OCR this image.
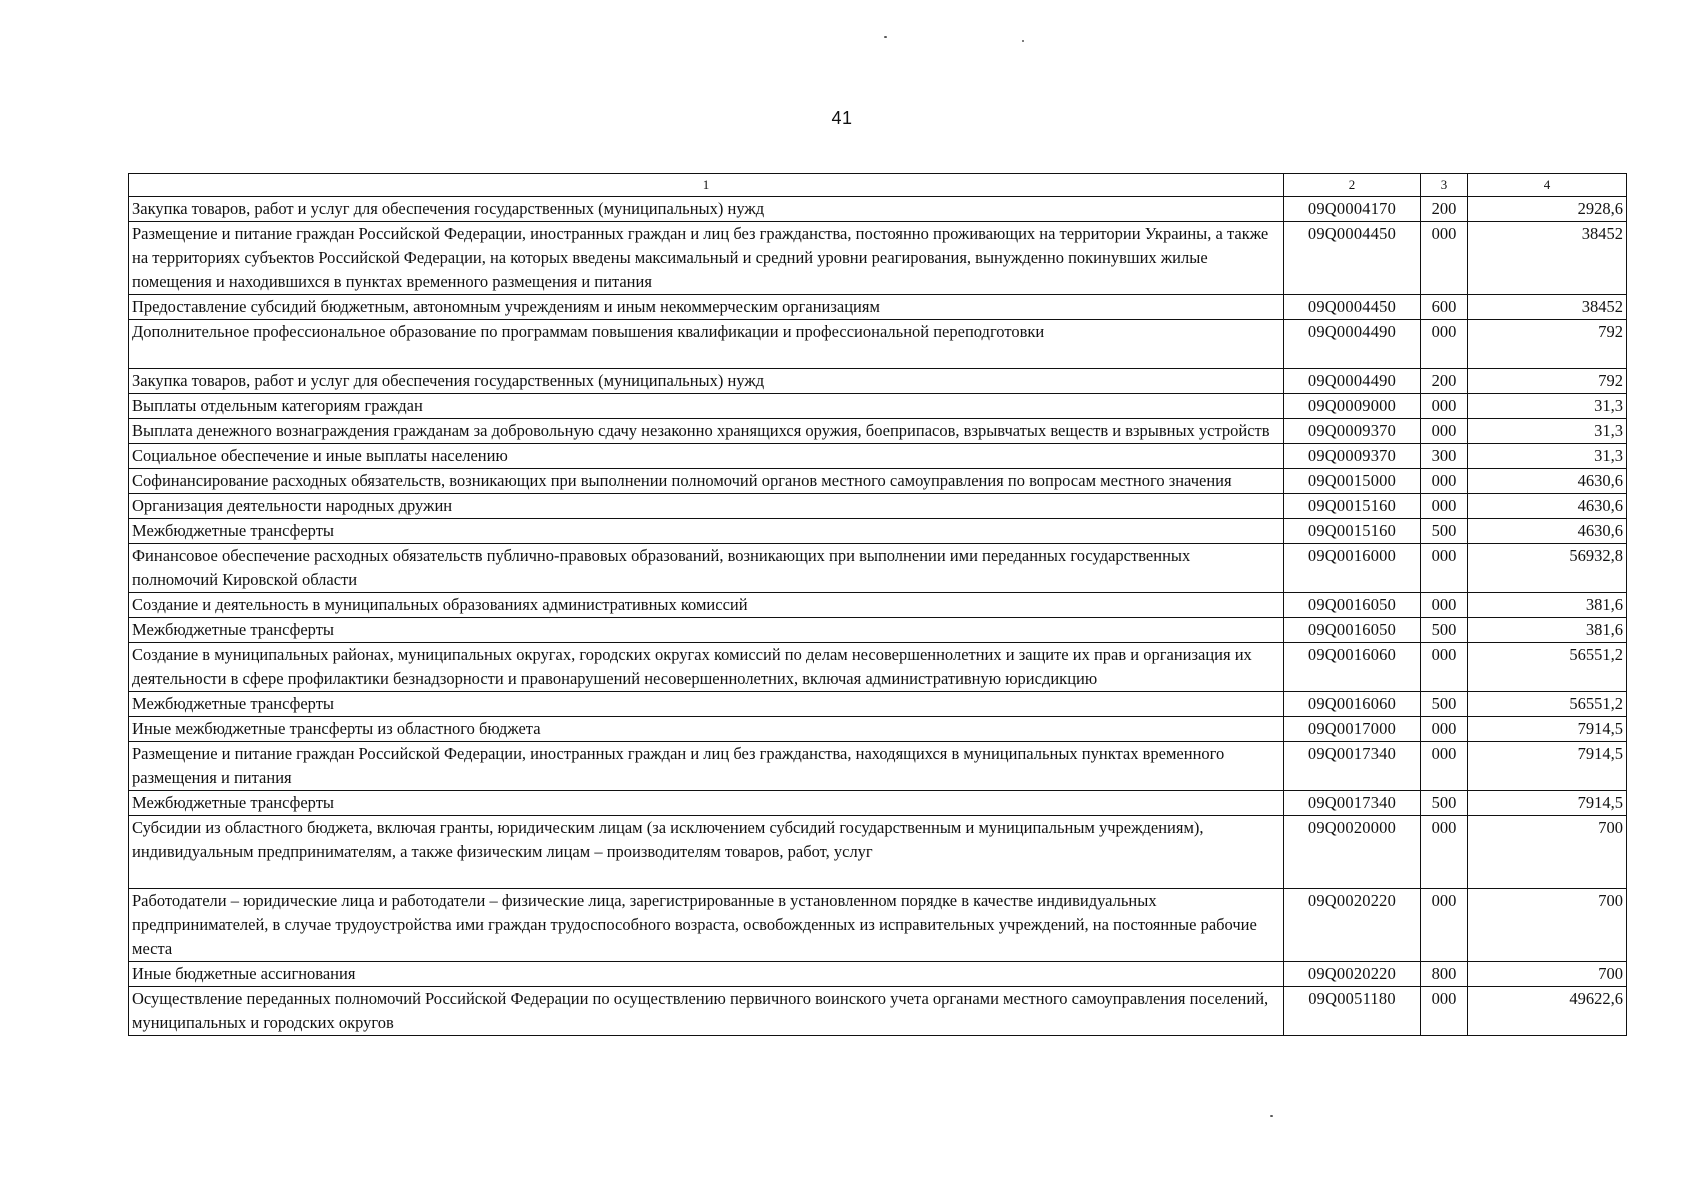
41
1	2	3	4
Закупка товаров, работ и услуг для обеспечения государственных (муниципальных) нужд	09Q0004170	200	2928,6
Размещение и питание граждан Российской Федерации, иностранных граждан и лиц без гражданства, постоянно проживающих на территории Украины, а также на территориях субъектов Российской Федерации, на которых введены максимальный и средний уровни реагирования, вынужденно покинувших жилые помещения и находившихся в пунктах временного размещения и питания	09Q0004450	000	38452
Предоставление субсидий бюджетным, автономным учреждениям и иным некоммерческим организациям	09Q0004450	600	38452
Дополнительное профессиональное образование по программам повышения квалификации и профессиональной переподготовки	09Q0004490	000	792
Закупка товаров, работ и услуг для обеспечения государственных (муниципальных) нужд	09Q0004490	200	792
Выплаты отдельным категориям граждан	09Q0009000	000	31,3
Выплата денежного вознаграждения гражданам за добровольную сдачу незаконно хранящихся оружия, боеприпасов, взрывчатых веществ и взрывных устройств	09Q0009370	000	31,3
Социальное обеспечение и иные выплаты населению	09Q0009370	300	31,3
Софинансирование расходных обязательств, возникающих при выполнении полномочий органов местного самоуправления по вопросам местного значения	09Q0015000	000	4630,6
Организация деятельности народных дружин	09Q0015160	000	4630,6
Межбюджетные трансферты	09Q0015160	500	4630,6
Финансовое обеспечение расходных обязательств публично-правовых образований, возникающих при выполнении ими переданных государственных полномочий Кировской области	09Q0016000	000	56932,8
Создание и деятельность в муниципальных образованиях административных комиссий	09Q0016050	000	381,6
Межбюджетные трансферты	09Q0016050	500	381,6
Создание в муниципальных районах, муниципальных округах, городских округах комиссий по делам несовершеннолетних и защите их прав и организация их деятельности в сфере профилактики безнадзорности и правонарушений несовершеннолетних, включая административную юрисдикцию	09Q0016060	000	56551,2
Межбюджетные трансферты	09Q0016060	500	56551,2
Иные межбюджетные трансферты из областного бюджета	09Q0017000	000	7914,5
Размещение и питание граждан Российской Федерации, иностранных граждан и лиц без гражданства, находящихся в муниципальных пунктах временного размещения и питания	09Q0017340	000	7914,5
Межбюджетные трансферты	09Q0017340	500	7914,5
Субсидии из областного бюджета, включая гранты, юридическим лицам (за исключением субсидий государственным и муниципальным учреждениям), индивидуальным предпринимателям, а также физическим лицам – производителям товаров, работ, услуг	09Q0020000	000	700
Работодатели – юридические лица и работодатели – физические лица, зарегистрированные в установленном порядке в качестве индивидуальных предпринимателей, в случае трудоустройства ими граждан трудоспособного возраста, освобожденных из исправительных учреждений, на постоянные рабочие места	09Q0020220	000	700
Иные бюджетные ассигнования	09Q0020220	800	700
Осуществление переданных полномочий Российской Федерации по осуществлению первичного воинского учета органами местного самоуправления поселений, муниципальных и городских округов	09Q0051180	000	49622,6
